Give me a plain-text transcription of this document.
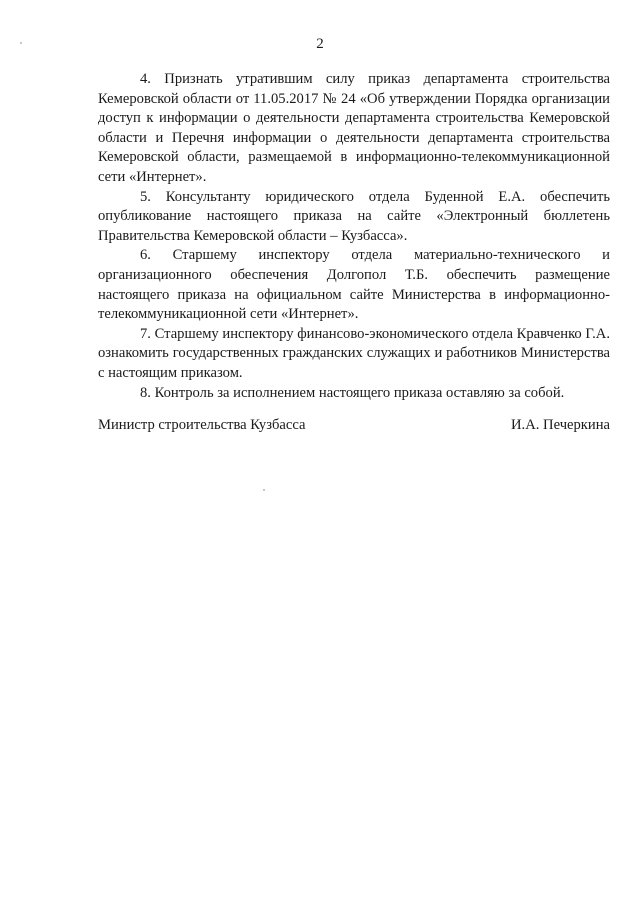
2

4. Признать утратившим силу приказ департамента строительства Кемеровской области от 11.05.2017 № 24 «Об утверждении Порядка организации доступ к информации о деятельности департамента строительства Кемеровской области и Перечня информации о деятельности департамента строительства Кемеровской области, размещаемой в информационно-телекоммуникационной сети «Интернет».

5. Консультанту юридического отдела Буденной Е.А. обеспечить опубликование настоящего приказа на сайте «Электронный бюллетень Правительства Кемеровской области – Кузбасса».

6. Старшему инспектору отдела материально-технического и организационного обеспечения Долгопол Т.Б. обеспечить размещение настоящего приказа на официальном сайте Министерства в информационно-телекоммуникационной сети «Интернет».

7. Старшему инспектору финансово-экономического отдела Кравченко Г.А. ознакомить государственных гражданских служащих и работников Министерства с настоящим приказом.

8. Контроль за исполнением настоящего приказа оставляю за собой.

Министр строительства Кузбасса	И.А. Печеркина
